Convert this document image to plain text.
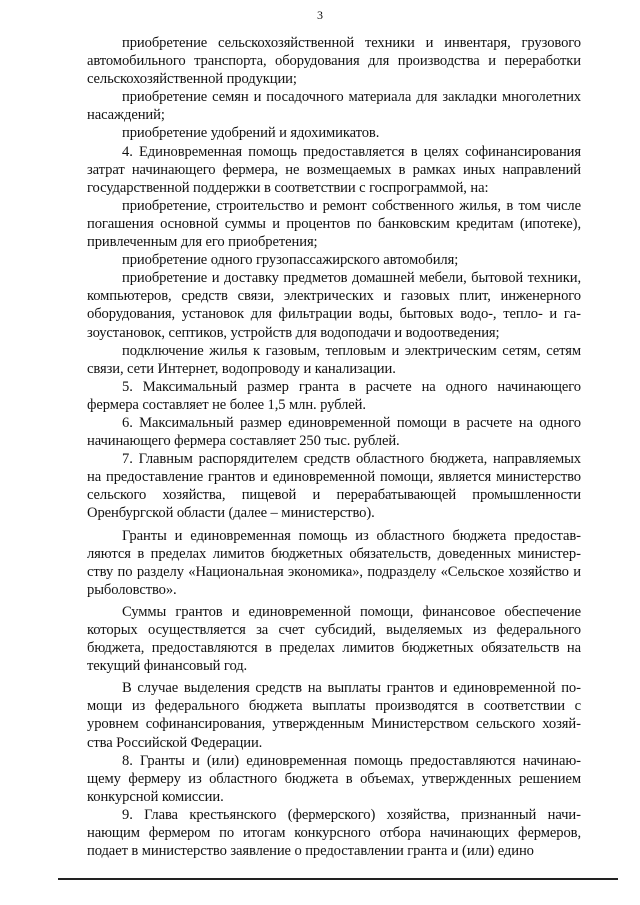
3

приобретение сельскохозяйственной техники и инвентаря, грузового автомобильного транспорта, оборудования для производства и переработки сельскохозяйственной продукции;

приобретение семян и посадочного материала для закладки многолетних насаждений;

приобретение удобрений и ядохимикатов.

4. Единовременная помощь предоставляется в целях софинансирования затрат начинающего фермера, не возмещаемых в рамках иных направлений государственной поддержки в соответствии с госпрограммой, на:

приобретение, строительство и ремонт собственного жилья, в том числе погашения основной суммы и процентов по банковским кредитам (ипотеке), привлеченным для его приобретения;

приобретение одного грузопассажирского автомобиля;

приобретение и доставку предметов домашней мебели, бытовой техники, компьютеров, средств связи, электрических и газовых плит, инженерного оборудования, установок для фильтрации воды, бытовых водо-, тепло- и газоустановок, септиков, устройств для водоподачи и водоотведения;

подключение жилья к газовым, тепловым и электрическим сетям, сетям связи, сети Интернет, водопроводу и канализации.

5. Максимальный размер гранта в расчете на одного начинающего фермера составляет не более 1,5 млн. рублей.

6. Максимальный размер единовременной помощи в расчете на одного начинающего фермера составляет 250 тыс. рублей.

7. Главным распорядителем средств областного бюджета, направляемых на предоставление грантов и единовременной помощи, является министерство сельского хозяйства, пищевой и перерабатывающей промышленности Оренбургской области (далее – министерство).

Гранты и единовременная помощь из областного бюджета предоставляются в пределах лимитов бюджетных обязательств, доведенных министерству по разделу «Национальная экономика», подразделу «Сельское хозяйство и рыболовство».

Суммы грантов и единовременной помощи, финансовое обеспечение которых осуществляется за счет субсидий, выделяемых из федерального бюджета, предоставляются в пределах лимитов бюджетных обязательств на текущий финансовый год.

В случае выделения средств на выплаты грантов и единовременной помощи из федерального бюджета выплаты производятся в соответствии с уровнем софинансирования, утвержденным Министерством сельского хозяйства Российской Федерации.

8. Гранты и (или) единовременная помощь предоставляются начинающему фермеру из областного бюджета в объемах, утвержденных решением конкурсной комиссии.

9. Глава крестьянского (фермерского) хозяйства, признанный начинающим фермером по итогам конкурсного отбора начинающих фермеров, подает в министерство заявление о предоставлении гранта и (или) едино
